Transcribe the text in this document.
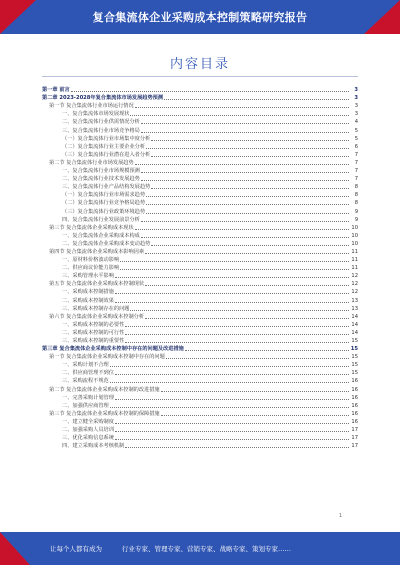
复合集流体企业采购成本控制策略研究报告
内容目录
第一章 前言	3
第二章 2023-2028年复合集流体市场发展趋势预测	3
第一节 复合集流体行业市场运行情况	3
一、复合集流体市场发展现状	3
二、复合集流体行业供需情况分析	4
三、复合集流体行业市场竞争格局	5
（一）复合集流体行业市场集中度分析	5
（二）复合集流体行业主要企业分析	6
（三）复合集流体行业潜在进入者分析	7
第二节 复合集流体行业市场发展趋势	7
一、复合集流体行业市场规模预测	7
二、复合集流体行业技术发展趋势	7
三、复合集流体行业产品结构发展趋势	8
（一）复合集流体行业市场需求趋势	8
（二）复合集流体行业竞争格局趋势	8
（三）复合集流体行业政策环境趋势	9
四、复合集流体行业发展前景分析	9
第三节 复合集流体企业采购成本现状	10
一、复合集流体企业采购成本构成	10
二、复合集流体企业采购成本变动趋势	10
第四节 复合集流体企业采购成本影响因素	11
一、原材料价格波动影响	11
二、供应商议价能力影响	11
三、采购管理水平影响	12
第五节 复合集流体企业采购成本控制现状	12
一、采购成本控制措施	12
二、采购成本控制效果	13
三、采购成本控制存在的问题	13
第六节 复合集流体企业采购成本控制分析	14
一、采购成本控制的必要性	14
二、采购成本控制的可行性	14
三、采购成本控制的重要性	15
第三章 复合集流体企业采购成本控制中存在的问题及改进措施	15
第一节 复合集流体企业采购成本控制中存在的问题	15
一、采购计划不合理	15
二、供应商管理不到位	15
三、采购流程不规范	16
第二节 复合集流体企业采购成本控制的改进措施	16
一、完善采购计划管理	16
二、加强供应商管理	16
第三节 复合集流体企业采购成本控制的保障措施	16
一、建立健全采购制度	16
二、加强采购人员培训	17
三、优化采购信息系统	17
四、建立采购成本考核机制	17
1
让每个人都有成为	行业专家、管理专家、营销专家、战略专家、策划专家……
